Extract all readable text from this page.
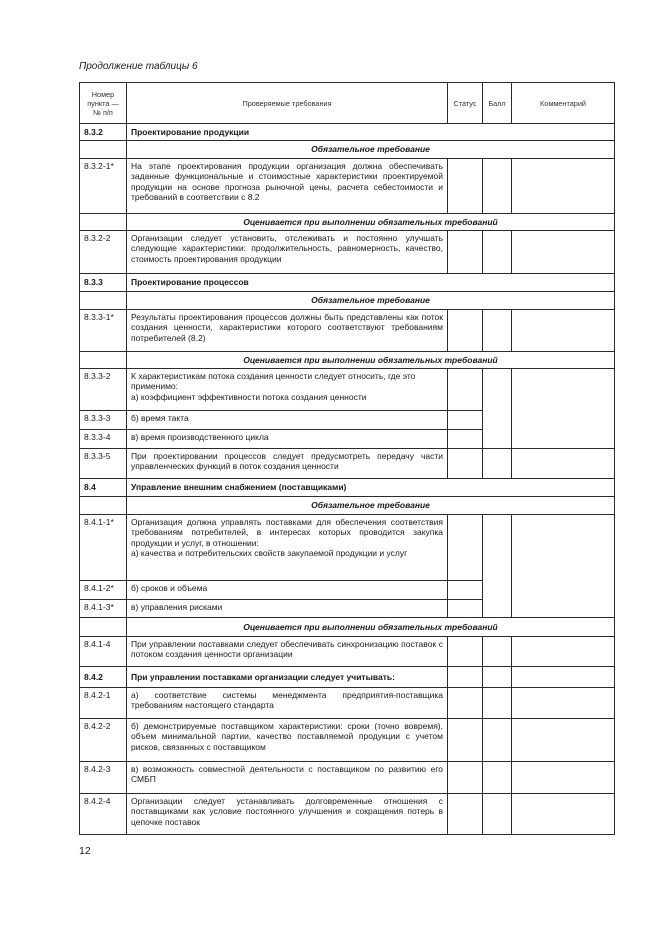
Продолжение таблицы 6
Номер пункта — № п/п	Проверяемые требования	Статус	Балл	Комментарий
8.3.2	Проектирование продукции			
	Обязательное требование			
8.3.2-1*	На этапе проектирования продукции организация должна обеспечивать заданные функциональные и стоимостные характеристики проектируемой продукции на основе прогноза рыночной цены, расчета себестоимости и требований в соответствии с 8.2			
	Оценивается при выполнении обязательных требований			
8.3.2-2	Организации следует установить, отслеживать и постоянно улучшать следующие характеристики: продолжительность, равномерность, качество, стоимость проектирования продукции			
8.3.3	Проектирование процессов			
	Обязательное требование			
8.3.3-1*	Результаты проектирования процессов должны быть представлены как поток создания ценности, характеристики которого соответствуют требованиям потребителей (8.2)			
	Оценивается при выполнении обязательных требований			
8.3.3-2	К характеристикам потока создания ценности следует относить, где это применимо:
а) коэффициент эффективности потока создания ценности			

8.3.3-3	б) время такта			
8.3.3-4	в) время производственного цикла			
8.3.3-5	При проектировании процессов следует предусмотреть передачу части управленческих функций в поток создания ценности			
8.4	Управление внешним снабжением (поставщиками)			
	Обязательное требование			
8.4.1-1*	Организация должна управлять поставками для обеспечения соответствия требованиям потребителей, в интересах которых проводится закупка продукции и услуг, в отношении:
а) качества и потребительских свойств закупаемой продукции и услуг			

8.4.1-2*	б) сроков и объема			
8.4.1-3*	в) управления рисками			
	Оценивается при выполнении обязательных требований			
8.4.1-4	При управлении поставками следует обеспечивать синхронизацию поставок с потоком создания ценности организации			
8.4.2	При управлении поставками организации следует учитывать:			
8.4.2-1	а) соответствие системы менеджмента предприятия-поставщика требованиям настоящего стандарта			
8.4.2-2	б) демонстрируемые поставщиком характеристики: сроки (точно вовремя), объем минимальной партии, качество поставляемой продукции с учетом рисков, связанных с поставщиком			
8.4.2-3	в) возможность совместной деятельности с поставщиком по развитию его СМБП			
8.4.2-4	Организации следует устанавливать долговременные отношения с поставщиками как условие постоянного улучшения и сокращения потерь в цепочке поставок			
12
